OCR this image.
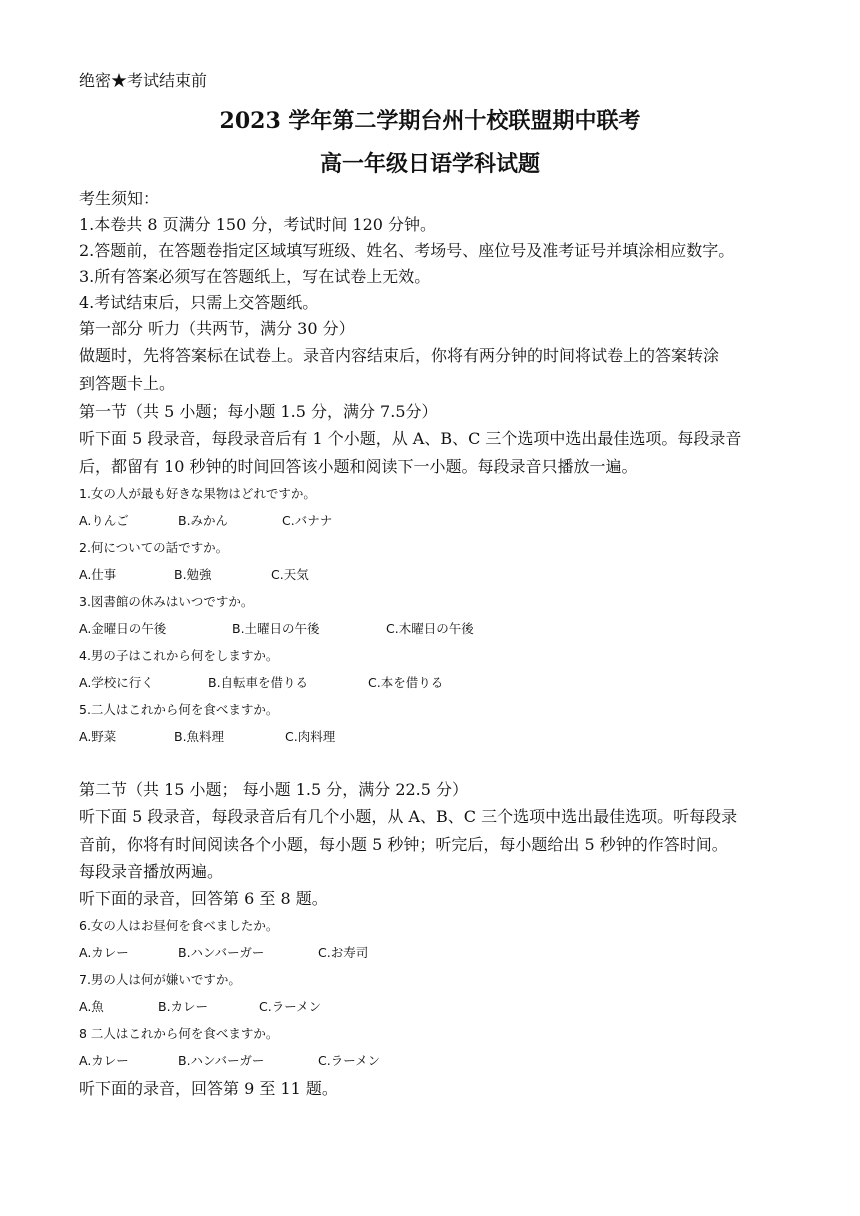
绝密★考试结束前
2023 学年第二学期台州十校联盟期中联考
高一年级日语学科试题
考生须知：
1.本卷共 8 页满分 150 分，考试时间 120 分钟。
2.答题前，在答题卷指定区域填写班级、姓名、考场号、座位号及准考证号并填涂相应数字。
3.所有答案必须写在答题纸上，写在试卷上无效。
4.考试结束后，只需上交答题纸。
第一部分 听力（共两节，满分 30 分）
做题时，先将答案标在试卷上。录音内容结束后，你将有两分钟的时间将试卷上的答案转涂
到答题卡上。
第一节（共 5 小题；每小题 1.5 分，满分 7.5分）
听下面 5 段录音，每段录音后有 1 个小题，从 A、B、C 三个选项中选出最佳选项。每段录音
后，都留有 10 秒钟的时间回答该小题和阅读下一小题。每段录音只播放一遍。
1.女の人が最も好きな果物はどれですか。
A.りんご	B.みかん	C.バナナ
2.何についての話ですか。
A.仕事	B.勉強	C.天気
3.図書館の休みはいつですか。
A.金曜日の午後	B.土曜日の午後	C.木曜日の午後
4.男の子はこれから何をしますか。
A.学校に行く	B.自転車を借りる	C.本を借りる
5.二人はこれから何を食べますか。
A.野菜	B.魚料理	C.肉料理
第二节（共 15 小题； 每小题 1.5 分，满分 22.5 分）
听下面 5 段录音，每段录音后有几个小题，从 A、B、C 三个选项中选出最佳选项。听每段录
音前，你将有时间阅读各个小题，每小题 5 秒钟；听完后，每小题给出 5 秒钟的作答时间。
每段录音播放两遍。
听下面的录音，回答第 6 至 8 题。
6.女の人はお昼何を食べましたか。
A.カレー	B.ハンバーガー	C.お寿司
7.男の人は何が嫌いですか。
A.魚	B.カレー	C.ラーメン
8 二人はこれから何を食べますか。
A.カレー	B.ハンバーガー	C.ラーメン
听下面的录音，回答第 9 至 11 题。
